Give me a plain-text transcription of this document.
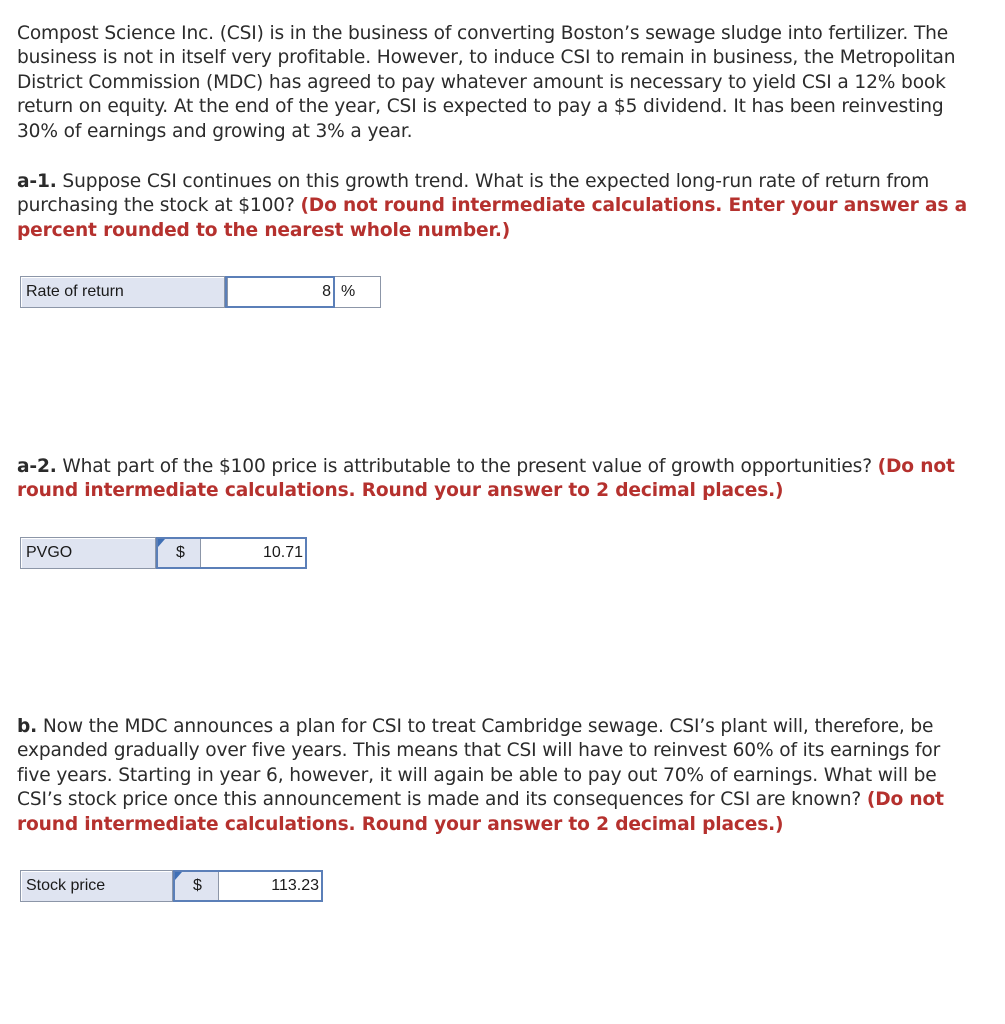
Compost Science Inc. (CSI) is in the business of converting Boston’s sewage sludge into fertilizer. The business is not in itself very profitable. However, to induce CSI to remain in business, the Metropolitan District Commission (MDC) has agreed to pay whatever amount is necessary to yield CSI a 12% book return on equity. At the end of the year, CSI is expected to pay a $5 dividend. It has been reinvesting 30% of earnings and growing at 3% a year.

a-1. Suppose CSI continues on this growth trend. What is the expected long-run rate of return from purchasing the stock at $100? (Do not round intermediate calculations. Enter your answer as a percent rounded to the nearest whole number.)

Rate of return	8 %

a-2. What part of the $100 price is attributable to the present value of growth opportunities? (Do not round intermediate calculations. Round your answer to 2 decimal places.)

PVGO	$	10.71

b. Now the MDC announces a plan for CSI to treat Cambridge sewage. CSI’s plant will, therefore, be expanded gradually over five years. This means that CSI will have to reinvest 60% of its earnings for five years. Starting in year 6, however, it will again be able to pay out 70% of earnings. What will be CSI’s stock price once this announcement is made and its consequences for CSI are known? (Do not round intermediate calculations. Round your answer to 2 decimal places.)

Stock price	$	113.23
